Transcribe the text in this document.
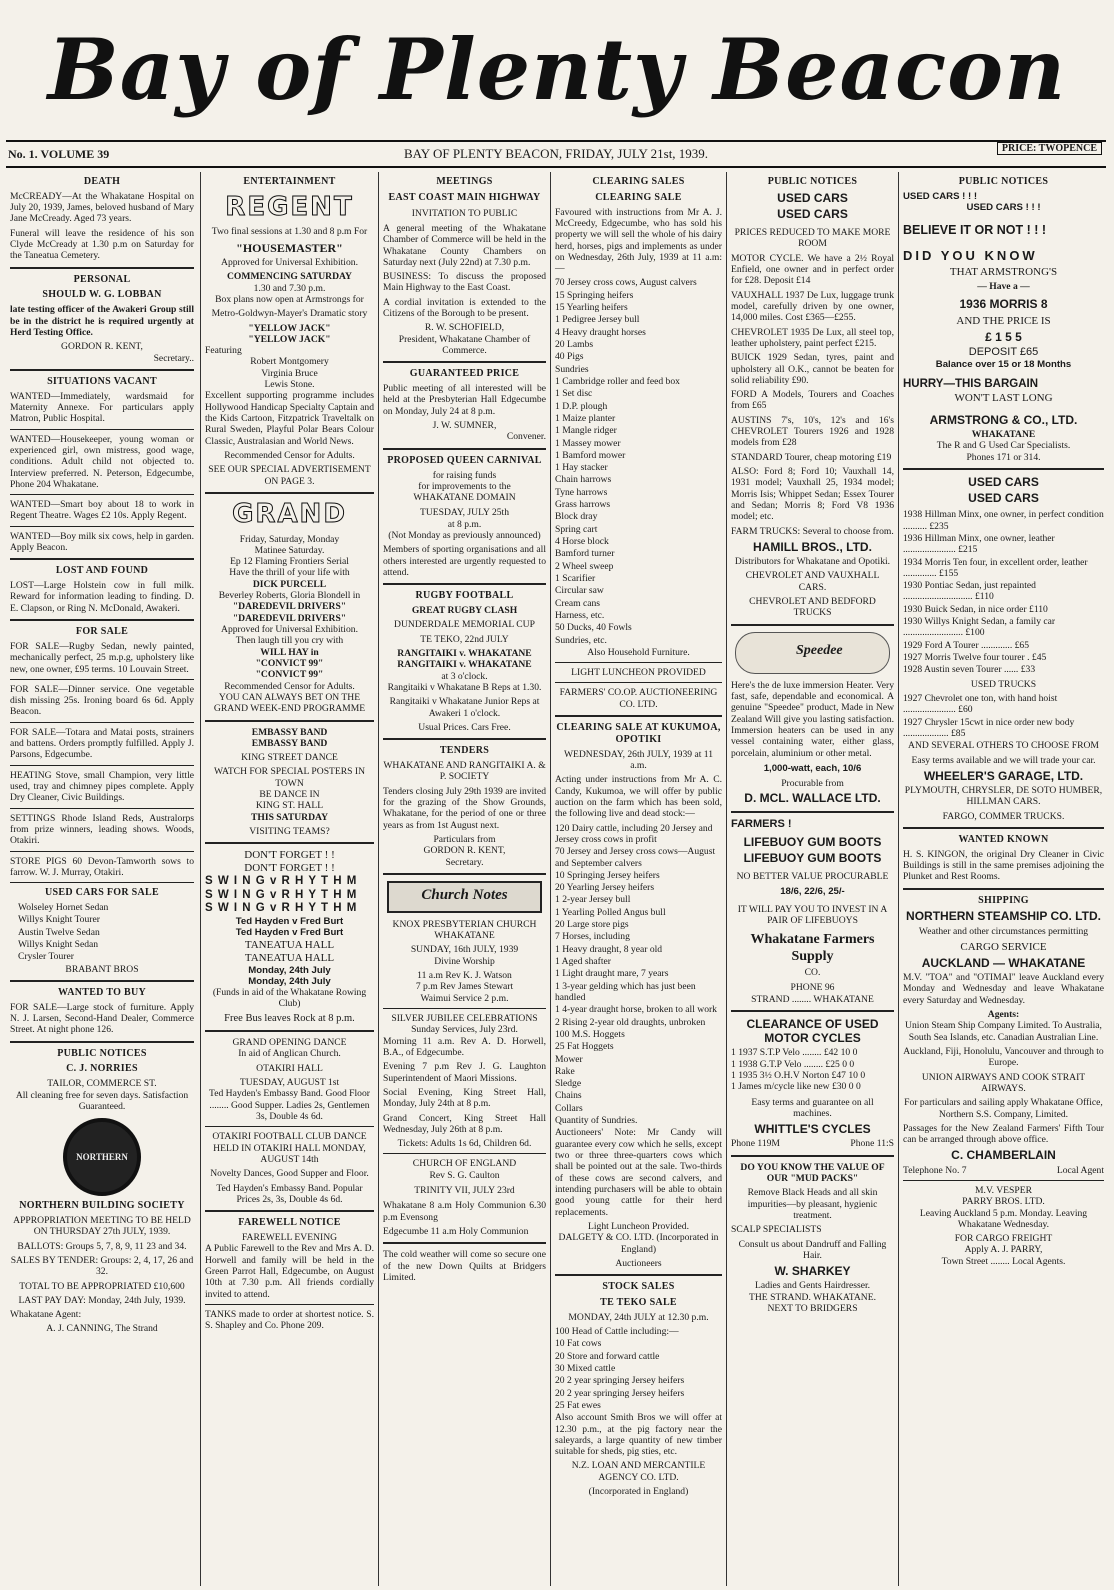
Bay of Plenty Beacon
No. 1. VOLUME 39	BAY OF PLENTY BEACON, FRIDAY, JULY 21st, 1939.	PRICE: TWOPENCE
DEATH

McCREADY—At the Whakatane Hospital on July 20, 1939, James, beloved husband of Mary Jane McCready. Aged 73 years.

Funeral will leave the residence of his son Clyde McCready at 1.30 p.m on Saturday for the Taneatua Cemetery.

PERSONAL
SHOULD W. G. LOBBAN

late testing officer of the Awakeri Group still be in the district he is required urgently at Herd Testing Office.

GORDON R. KENT,
Secretary..
SITUATIONS VACANT

WANTED—Immediately, wardsmaid for Maternity Annexe. For particulars apply Matron, Public Hospital.

WANTED—Housekeeper, young woman or experienced girl, own mistress, good wage, conditions. Adult child not objected to. Interview preferred. N. Peterson, Edgecumbe, Phone 204 Whakatane.

WANTED—Smart boy about 18 to work in Regent Theatre. Wages £2 10s. Apply Regent.

WANTED—Boy milk six cows, help in garden. Apply Beacon.

LOST AND FOUND

LOST—Large Holstein cow in full milk. Reward for information leading to finding. D. E. Clapson, or Ring N. McDonald, Awakeri.

FOR SALE

FOR SALE—Rugby Sedan, newly painted, mechanically perfect, 25 m.p.g, upholstery like new, one owner, £95 terms. 10 Louvain Street.

FOR SALE—Dinner service. One vegetable dish missing 25s. Ironing board 6s 6d. Apply Beacon.

FOR SALE—Totara and Matai posts, strainers and battens. Orders promptly fulfilled. Apply J. Parsons, Edgecumbe.

HEATING Stove, small Champion, very little used, tray and chimney pipes complete. Apply Dry Cleaner, Civic Buildings.

SETTINGS Rhode Island Reds, Australorps from prize winners, leading shows. Woods, Otakiri.

STORE PIGS 60 Devon-Tamworth sows to farrow. W. J. Murray, Otakiri.

USED CARS FOR SALE
Wolseley Hornet Sedan
Willys Knight Tourer
Austin Twelve Sedan
Willys Knight Sedan
Crysler Tourer
BRABANT BROS
WANTED TO BUY

FOR SALE—Large stock of furniture. Apply N. J. Larsen, Second-Hand Dealer, Commerce Street. At night phone 126.

PUBLIC NOTICES
C. J. NORRIES
TAILOR, COMMERCE ST.

All cleaning free for seven days. Satisfaction Guaranteed.

NORTHERN
NORTHERN BUILDING SOCIETY

APPROPRIATION MEETING TO BE HELD ON THURSDAY 27th JULY, 1939.

BALLOTS: Groups 5, 7, 8, 9, 11 23 and 34.

SALES BY TENDER: Groups: 2, 4, 17, 26 and 32.

TOTAL TO BE APPROPRIATED £10,600

LAST PAY DAY: Monday, 24th July, 1939.

Whakatane Agent:

A. J. CANNING, The Strand

ENTERTAINMENT
REGENT

Two final sessions at 1.30 and 8 p.m For

"HOUSEMASTER"

Approved for Universal Exhibition.

COMMENCING SATURDAY
1.30 and 7.30 p.m.

Box plans now open at Armstrongs for

Metro-Goldwyn-Mayer's Dramatic story

"YELLOW JACK"
"YELLOW JACK"
Featuring
Robert Montgomery
Virginia Bruce
Lewis Stone.

Excellent supporting programme includes Hollywood Handicap Specialty Captain and the Kids Cartoon, Fitzpatrick Traveltalk on Rural Sweden, Playful Polar Bears Colour Classic, Australasian and World News.

Recommended Censor for Adults.

SEE OUR SPECIAL ADVERTISEMENT ON PAGE 3.

GRAND
Friday, Saturday, Monday
Matinee Saturday.
Ep 12 Flaming Frontiers Serial
Have the thrill of your life with
DICK PURCELL
Beverley Roberts, Gloria Blondell in
"DAREDEVIL DRIVERS"
"DAREDEVIL DRIVERS"
Approved for Universal Exhibition.
Then laugh till you cry with
WILL HAY in
"CONVICT 99"
"CONVICT 99"
Recommended Censor for Adults.

YOU CAN ALWAYS BET ON THE GRAND WEEK-END PROGRAMME

EMBASSY BAND
EMBASSY BAND
KING STREET DANCE
WATCH FOR SPECIAL POSTERS IN TOWN
BE DANCE IN
KING ST. HALL
THIS SATURDAY
VISITING TEAMS?
DON'T FORGET ! !
DON'T FORGET ! !
S W I N G v R H Y T H M
S W I N G v R H Y T H M
S W I N G v R H Y T H M
Ted Hayden v Fred Burt
Ted Hayden v Fred Burt
TANEATUA HALL
TANEATUA HALL
Monday, 24th July
Monday, 24th July

(Funds in aid of the Whakatane Rowing Club)

Free Bus leaves Rock at 8 p.m.
GRAND OPENING DANCE
In aid of Anglican Church.
OTAKIRI HALL
TUESDAY, AUGUST 1st

Ted Hayden's Embassy Band. Good Floor ........ Good Supper. Ladies 2s, Gentlemen 3s, Double 4s 6d.

OTAKIRI FOOTBALL CLUB DANCE HELD IN OTAKIRI HALL MONDAY, AUGUST 14th

Novelty Dances, Good Supper and Floor.

Ted Hayden's Embassy Band. Popular Prices 2s, 3s, Double 4s 6d.

FAREWELL NOTICE
FAREWELL EVENING

A Public Farewell to the Rev and Mrs A. D. Horwell and family will be held in the Green Parrot Hall, Edgecumbe, on August 10th at 7.30 p.m. All friends cordially invited to attend.

TANKS made to order at shortest notice. S. S. Shapley and Co. Phone 209.

MEETINGS
EAST COAST MAIN HIGHWAY
INVITATION TO PUBLIC

A general meeting of the Whakatane Chamber of Commerce will be held in the Whakatane County Chambers on Saturday next (July 22nd) at 7.30 p.m.

BUSINESS: To discuss the proposed Main Highway to the East Coast.

A cordial invitation is extended to the Citizens of the Borough to be present.

R. W. SCHOFIELD,

President, Whakatane Chamber of Commerce.

GUARANTEED PRICE

Public meeting of all interested will be held at the Presbyterian Hall Edgecumbe on Monday, July 24 at 8 p.m.

J. W. SUMNER,
Convener.
PROPOSED QUEEN CARNIVAL
for raising funds
for improvements to the
WHAKATANE DOMAIN
TUESDAY, JULY 25th
at 8 p.m.

(Not Monday as previously announced)

Members of sporting organisations and all others interested are urgently requested to attend.

RUGBY FOOTBALL
GREAT RUGBY CLASH
DUNDERDALE MEMORIAL CUP
TE TEKO, 22nd JULY
RANGITAIKI v. WHAKATANE
RANGITAIKI v. WHAKATANE
at 3 o'clock.

Rangitaiki v Whakatane B Reps at 1.30.

Rangitaiki v Whakatane Junior Reps at Awakeri 1 o'clock.

Usual Prices. Cars Free.
TENDERS

WHAKATANE AND RANGITAIKI A. & P. SOCIETY

Tenders closing July 29th 1939 are invited for the grazing of the Show Grounds, Whakatane, for the period of one or three years as from 1st August next.

Particulars from
GORDON R. KENT,
Secretary.
Church Notes

KNOX PRESBYTERIAN CHURCH WHAKATANE

SUNDAY, 16th JULY, 1939
Divine Worship
11 a.m Rev K. J. Watson
7 p.m Rev James Stewart
Waimui Service 2 p.m.
SILVER JUBILEE CELEBRATIONS
Sunday Services, July 23rd.

Morning 11 a.m. Rev A. D. Horwell, B.A., of Edgecumbe.

Evening 7 p.m Rev J. G. Laughton Superintendent of Maori Missions.

Social Evening, King Street Hall, Monday, July 24th at 8 p.m.

Grand Concert, King Street Hall Wednesday, July 26th at 8 p.m.

Tickets: Adults 1s 6d, Children 6d.
CHURCH OF ENGLAND
Rev S. G. Caulton
TRINITY VII, JULY 23rd

Whakatane 8 a.m Holy Communion 6.30 p.m Evensong

Edgecumbe 11 a.m Holy Communion

The cold weather will come so secure one of the new Down Quilts at Bridgers Limited.

CLEARING SALES
CLEARING SALE

Favoured with instructions from Mr A. J. McCreedy, Edgecumbe, who has sold his property we will sell the whole of his dairy herd, horses, pigs and implements as under on Wednesday, 26th July, 1939 at 11 a.m:—

70 Jersey cross cows, August calvers
15 Springing heifers
15 Yearling heifers
1 Pedigree Jersey bull
4 Heavy draught horses
20 Lambs
40 Pigs
Sundries
1 Cambridge roller and feed box
1 Set disc
1 D.P. plough
1 Maize planter
1 Mangle ridger
1 Massey mower
1 Bamford mower
1 Hay stacker
Chain harrows
Tyne harrows
Grass harrows
Block dray
Spring cart
4 Horse block
Bamford turner
2 Wheel sweep
1 Scarifier
Circular saw
Cream cans
Harness, etc.
50 Ducks, 40 Fowls
Sundries, etc.
Also Household Furniture.
LIGHT LUNCHEON PROVIDED

FARMERS' CO.OP. AUCTIONEERING CO. LTD.

CLEARING SALE AT KUKUMOA, OPOTIKI

WEDNESDAY, 26th JULY, 1939 at 11 a.m.

Acting under instructions from Mr A. C. Candy, Kukumoa, we will offer by public auction on the farm which has been sold, the following live and dead stock:—

120 Dairy cattle, including 20 Jersey and Jersey cross cows in profit
70 Jersey and Jersey cross cows—August and September calvers
10 Springing Jersey heifers
20 Yearling Jersey heifers
1 2-year Jersey bull
1 Yearling Polled Angus bull
20 Large store pigs
7 Horses, including
1 Heavy draught, 8 year old
1 Aged shafter
1 Light draught mare, 7 years
1 3-year gelding which has just been handled
1 4-year draught horse, broken to all work
2 Rising 2-year old draughts, unbroken
100 M.S. Hoggets
25 Fat Hoggets
Mower
Rake
Sledge
Chains
Collars
Quantity of Sundries.

Auctioneers' Note: Mr Candy will guarantee every cow which he sells, except two or three three-quarters cows which shall be pointed out at the sale. Two-thirds of these cows are second calvers, and intending purchasers will be able to obtain good young cattle for their herd replacements.

Light Luncheon Provided.

DALGETY & CO. LTD. (Incorporated in England)

Auctioneers
STOCK SALES
TE TEKO SALE

MONDAY, 24th JULY at 12.30 p.m.

100 Head of Cattle including:—
10 Fat cows
20 Store and forward cattle
30 Mixed cattle
20 2 year springing Jersey heifers
20 2 year springing Jersey heifers
25 Fat ewes

Also account Smith Bros we will offer at 12.30 p.m., at the pig factory near the saleyards, a large quantity of new timber suitable for sheds, pig sties, etc.

N.Z. LOAN AND MERCANTILE AGENCY CO. LTD.

(Incorporated in England)
PUBLIC NOTICES
USED CARS
USED CARS

PRICES REDUCED TO MAKE MORE ROOM

MOTOR CYCLE. We have a 2½ Royal Enfield, one owner and in perfect order for £28. Deposit £14

VAUXHALL 1937 De Lux, luggage trunk model, carefully driven by one owner, 14,000 miles. Cost £365—£255.

CHEVROLET 1935 De Lux, all steel top, leather upholstery, paint perfect £215.

BUICK 1929 Sedan, tyres, paint and upholstery all O.K., cannot be beaten for solid reliability £90.

FORD A Models, Tourers and Coaches from £65

AUSTINS 7's, 10's, 12's and 16's CHEVROLET Tourers 1926 and 1928 models from £28

STANDARD Tourer, cheap motoring £19

ALSO: Ford 8; Ford 10; Vauxhall 14, 1931 model; Vauxhall 25, 1934 model; Morris Isis; Whippet Sedan; Essex Tourer and Sedan; Morris 8; Ford V8 1936 model; etc.

FARM TRUCKS: Several to choose from.

HAMILL BROS., LTD.

Distributors for Whakatane and Opotiki.

CHEVROLET AND VAUXHALL CARS.

CHEVROLET AND BEDFORD TRUCKS

Speedee

Here's the de luxe immersion Heater. Very fast, safe, dependable and economical. A genuine "Speedee" product, Made in New Zealand Will give you lasting satisfaction. Immersion heaters can be used in any vessel containing water, either glass, porcelain, aluminium or other metal.

1,000-watt, each, 10/6
Procurable from
D. MCL. WALLACE LTD.
FARMERS !
LIFEBUOY GUM BOOTS
LIFEBUOY GUM BOOTS

NO BETTER VALUE PROCURABLE

18/6, 22/6, 25/-

IT WILL PAY YOU TO INVEST IN A PAIR OF LIFEBUOYS

Whakatane Farmers Supply
CO.
PHONE 96
STRAND ........ WHAKATANE
CLEARANCE OF USED MOTOR CYCLES
1 1937 S.T.P Velo ........ £42 10 0
1 1938 G.T.P Velo ........ £25 0 0
1 1935 3½ O.H.V Norton £47 10 0
1 James m/cycle like new £30 0 0

Easy terms and guarantee on all machines.

WHITTLE'S CYCLES
Phone 119M	Phone 11:S

DO YOU KNOW THE VALUE OF OUR "MUD PACKS"

Remove Black Heads and all skin impurities—by pleasant, hygienic treatment.

SCALP SPECIALISTS

Consult us about Dandruff and Falling Hair.

W. SHARKEY
Ladies and Gents Hairdresser.
THE STRAND. WHAKATANE.
NEXT TO BRIDGERS
PUBLIC NOTICES
USED CARS ! ! !
USED CARS ! ! !
BELIEVE IT OR NOT ! ! !
DID YOU KNOW
THAT ARMSTRONG'S
— Have a —
1936 MORRIS 8
AND THE PRICE IS
£ 1 5 5
DEPOSIT £65
Balance over 15 or 18 Months
HURRY—THIS BARGAIN
WON'T LAST LONG
ARMSTRONG & CO., LTD.
WHAKATANE
The R and G Used Car Specialists.
Phones 171 or 314.
USED CARS
USED CARS
1938 Hillman Minx, one owner, in perfect condition .......... £235
1936 Hillman Minx, one owner, leather ...................... £215
1934 Morris Ten four, in excellent order, leather .............. £155
1930 Pontiac Sedan, just repainted ............................. £110
1930 Buick Sedan, in nice order £110
1930 Willys Knight Sedan, a family car ......................... £100
1929 Ford A Tourer ............. £65
1927 Morris Twelve four tourer . £45
1928 Austin seven Tourer ...... £33
USED TRUCKS
1927 Chevrolet one ton, with hand hoist ...................... £60
1927 Chrysler 15cwt in nice order new body ................... £85

AND SEVERAL OTHERS TO CHOOSE FROM

Easy terms available and we will trade your car.

WHEELER'S GARAGE, LTD.

PLYMOUTH, CHRYSLER, DE SOTO HUMBER, HILLMAN CARS.

FARGO, COMMER TRUCKS.
WANTED KNOWN

H. S. KINGON, the original Dry Cleaner in Civic Buildings is still in the same premises adjoining the Plunket and Rest Rooms.

SHIPPING
NORTHERN STEAMSHIP CO. LTD.

Weather and other circumstances permitting

CARGO SERVICE
AUCKLAND — WHAKATANE

M.V. "TOA" and "OTIMAI" leave Auckland every Monday and Wednesday and leave Whakatane every Saturday and Wednesday.

Agents:

Union Steam Ship Company Limited. To Australia, South Sea Islands, etc. Canadian Australian Line.

Auckland, Fiji, Honolulu, Vancouver and through to Europe.

UNION AIRWAYS AND COOK STRAIT AIRWAYS.

For particulars and sailing apply Whakatane Office, Northern S.S. Company, Limited.

Passages for the New Zealand Farmers' Fifth Tour can be arranged through above office.

C. CHAMBERLAIN
Telephone No. 7	Local Agent
M.V. VESPER
PARRY BROS. LTD.

Leaving Auckland 5 p.m. Monday. Leaving Whakatane Wednesday.

FOR CARGO FREIGHT
Apply A. J. PARRY,
Town Street ........ Local Agents.
